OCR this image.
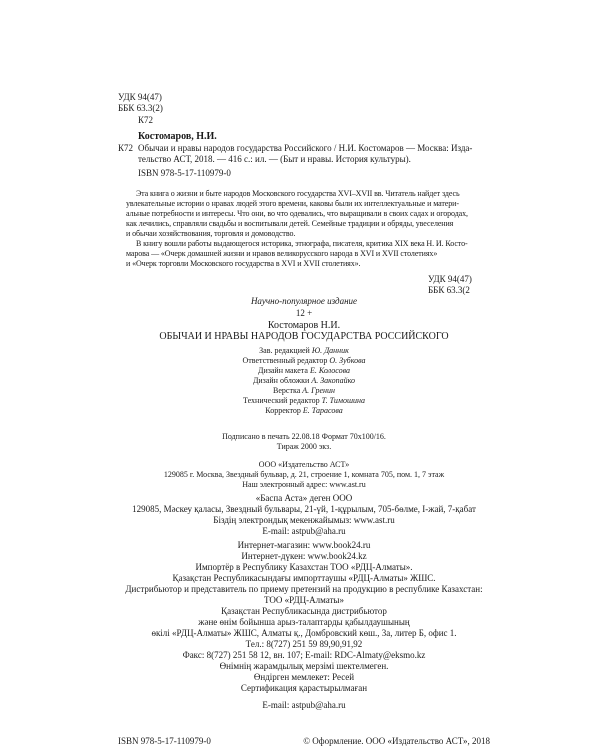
УДК 94(47)
ББК 63.3(2)
К72
Костомаров, Н.И.
К72 Обычаи и нравы народов государства Российского / Н.И. Костомаров — Москва: Изда-
тельство АСТ, 2018. — 416 с.: ил. — (Быт и нравы. История культуры).
ISBN 978-5-17-110979-0
Эта книга о жизни и быте народов Московского государства XVI–XVII вв. Читатель найдет здесь
увлекательные истории о нравах людей этого времени, каковы были их интеллектуальные и матери-
альные потребности и интересы. Что они, во что одевались, что выращивали в своих садах и огородах,
как лечились, справляли свадьбы и воспитывали детей. Семейные традиции и обряды, увеселения
и обычаи хозяйствования, торговля и домоводство.
В книгу вошли работы выдающегося историка, этнографа, писателя, критика XIX века Н. И. Косто-
марова — «Очерк домашней жизни и нравов великорусского народа в XVI и XVII столетиях»
и «Очерк торговли Московского государства в XVI и XVII столетиях».
УДК 94(47)
ББК 63.3(2
Научно-популярное издание
12 +
Костомаров Н.И.
ОБЫЧАИ И НРАВЫ НАРОДОВ ГОСУДАРСТВА РОССИЙСКОГО
Зав. редакцией Ю. Данник
Ответственный редактор О. Зубкова
Дизайн макета Е. Колосова
Дизайн обложки А. Закопайко
Верстка А. Гренин
Технический редактор Т. Тимошина
Корректор Е. Тарасова
Подписано в печать 22.08.18 Формат 70х100/16.
Тираж 2000 экз.
ООО «Издательство АСТ»
129085 г. Москва, Звездный бульвар, д. 21, строение 1, комната 705, пом. 1, 7 этаж
Наш электронный адрес: www.ast.ru
«Баспа Аста» деген ООО
129085, Мәскеу қаласы, Звездный бульвары, 21-үй, 1-құрылым, 705-бөлме, I-жай, 7-қабат
Біздің электрондық мекенжайымыз: www.ast.ru
E-mail: astpub@aha.ru
Интернет-магазин: www.book24.ru
Интернет-дүкен: www.book24.kz
Импортёр в Республику Казахстан ТОО «РДЦ-Алматы».
Қазақстан Республикасындағы импорттаушы «РДЦ-Алматы» ЖШС.
Дистрибьютор и представитель по приему претензий на продукцию в республике Казахстан:
ТОО «РДЦ-Алматы»
Қазақстан Республикасында дистрибьютор
және өнім бойынша арыз-талаптарды қабылдаушының
өкілі «РДЦ-Алматы» ЖШС, Алматы қ., Домбровский көш., 3а, литер Б, офис 1.
Тел.: 8(727) 251 59 89,90,91,92
Факс: 8(727) 251 58 12, вн. 107; E-mail: RDC-Almaty@eksmo.kz
Өнімнің жарамдылық мерзімі шектелмеген.
Өндірген мемлекет: Ресей
Сертификация қарастырылмаған
E-mail: astpub@aha.ru
ISBN 978-5-17-110979-0	© Оформление. ООО «Издательство АСТ», 2018
